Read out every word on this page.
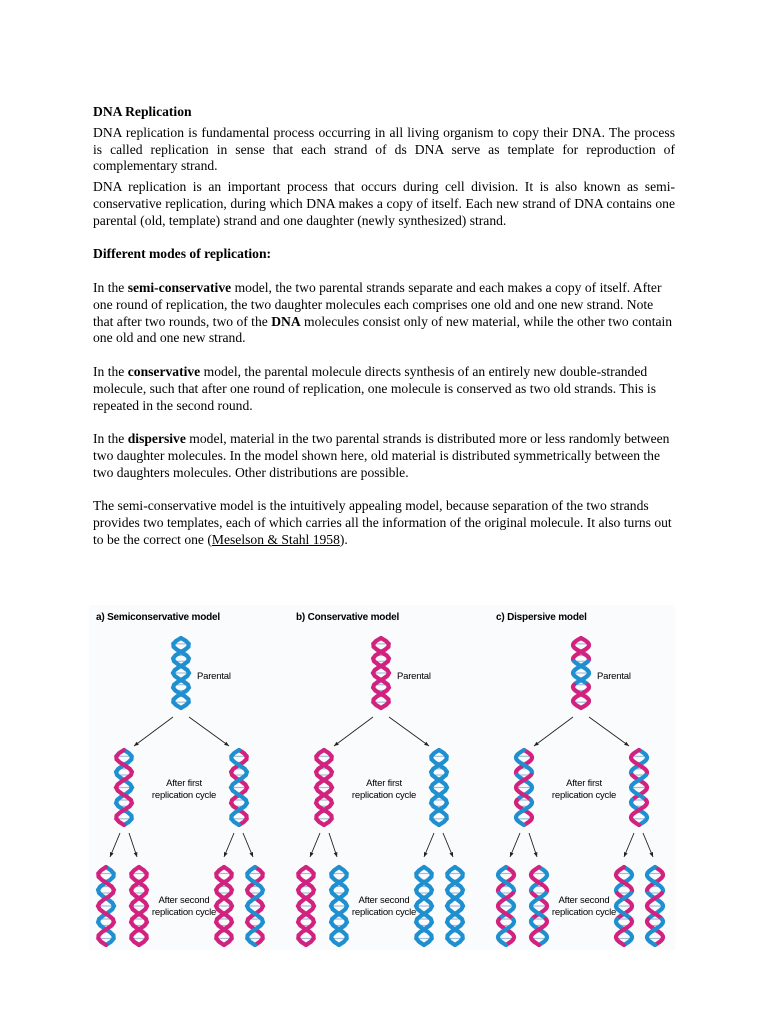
DNA Replication

DNA replication is fundamental process occurring in all living organism to copy their DNA. The process is called replication in sense that each strand of ds DNA serve as template for reproduction of complementary strand.

DNA replication is an important process that occurs during cell division. It is also known as semi-conservative replication, during which DNA makes a copy of itself. Each new strand of DNA contains one parental (old, template) strand and one daughter (newly synthesized) strand.

Different modes of replication:

In the semi-conservative model, the two parental strands separate and each makes a copy of itself. After one round of replication, the two daughter molecules each comprises one old and one new strand. Note that after two rounds, two of the DNA molecules consist only of new material, while the other two contain one old and one new strand.

In the conservative model, the parental molecule directs synthesis of an entirely new double-stranded molecule, such that after one round of replication, one molecule is conserved as two old strands. This is repeated in the second round.

In the dispersive model, material in the two parental strands is distributed more or less randomly between two daughter molecules. In the model shown here, old material is distributed symmetrically between the two daughters molecules. Other distributions are possible.

The semi-conservative model is the intuitively appealing model, because separation of the two strands provides two templates, each of which carries all the information of the original molecule. It also turns out to be the correct one (Meselson & Stahl 1958).

a) Semiconservative model
Parental
After first replication cycle
After second replication cycle
b) Conservative model
Parental
After first replication cycle
After second replication cycle
c) Dispersive model
Parental
After first replication cycle
After second replication cycle
